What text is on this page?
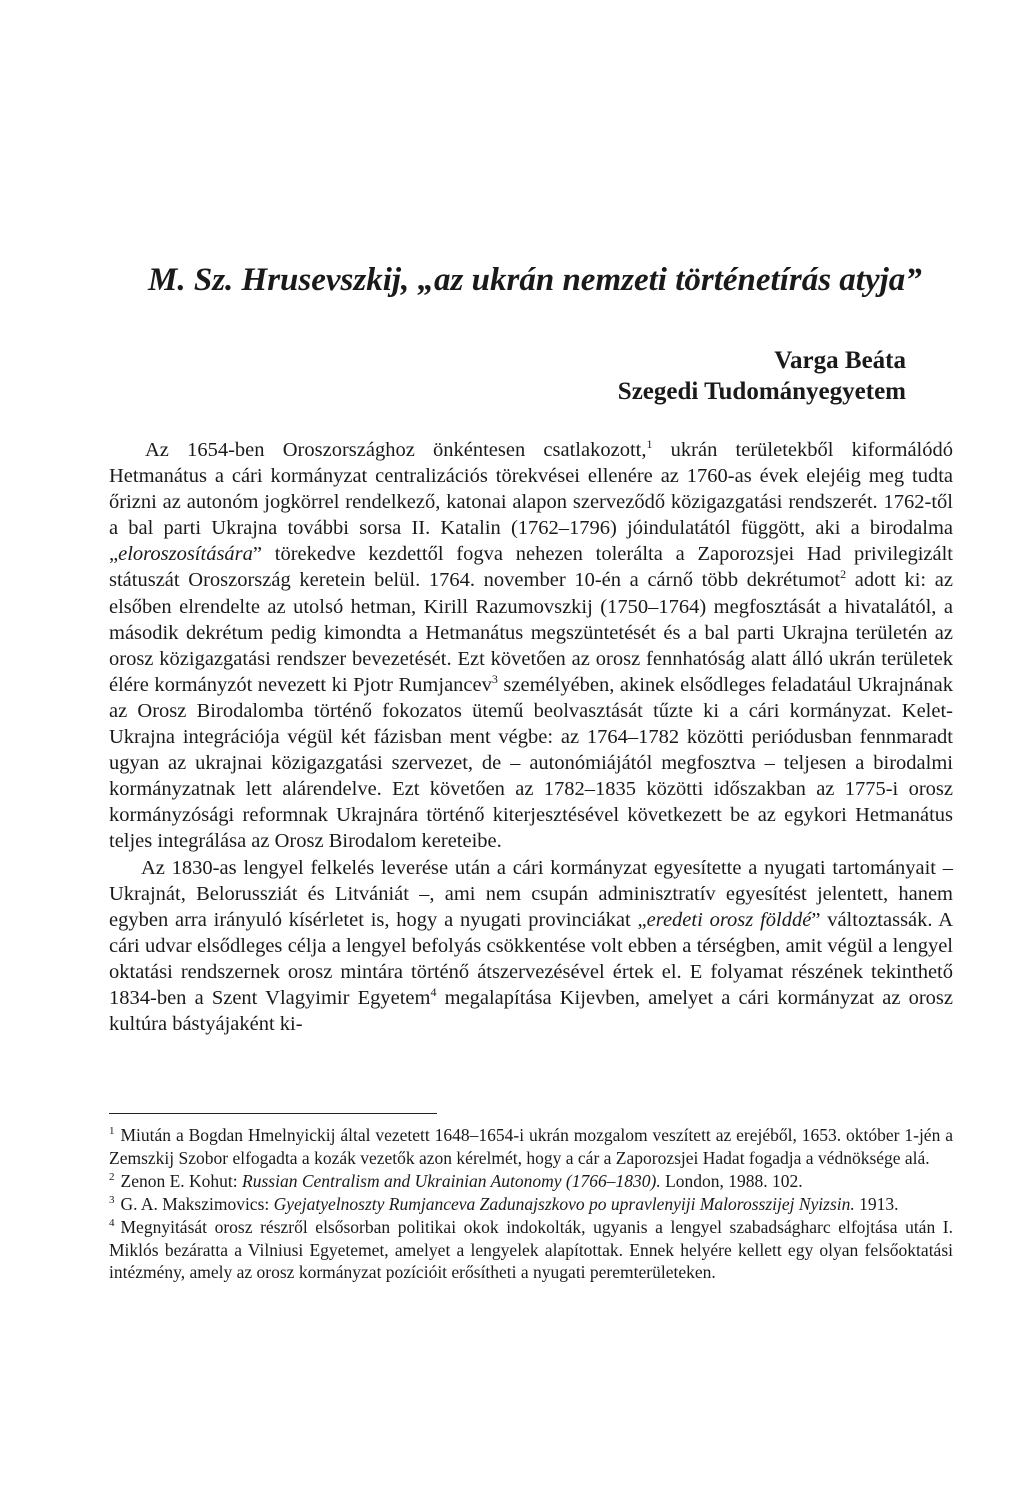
M. Sz. Hrusevszkij, „az ukrán nemzeti történetírás atyja”
Varga Beáta
Szegedi Tudományegyetem

Az 1654-ben Oroszországhoz önkéntesen csatlakozott,$^1$ ukrán területekből kiformálódó Hetmanátus a cári kormányzat centralizációs törekvései ellenére az 1760-as évek elejéig meg tudta őrizni az autonóm jogkörrel rendelkező, katonai alapon szerveződő közigazgatási rendszerét. 1762-től a bal parti Ukrajna további sorsa II. Katalin (1762–1796) jóindulatától függött, aki a birodalma „eloroszosítására” törekedve kezdettől fogva nehezen tolerálta a Zaporozsjei Had privilegizált státuszát Oroszország keretein belül. 1764. november 10-én a cárnő több dekrétumot$^2$ adott ki: az elsőben elrendelte az utolsó hetman, Kirill Razumovszkij (1750–1764) megfosztását a hivatalától, a második dekrétum pedig kimondta a Hetmanátus megszüntetését és a bal parti Ukrajna területén az orosz közigazgatási rendszer bevezetését. Ezt követően az orosz fennhatóság alatt álló ukrán területek élére kormányzót nevezett ki Pjotr Rumjancev$^3$ személyében, akinek elsődleges feladatául Ukrajnának az Orosz Birodalomba történő fokozatos ütemű beolvasztását tűzte ki a cári kormányzat. Kelet-Ukrajna integrációja végül két fázisban ment végbe: az 1764–1782 közötti periódusban fennmaradt ugyan az ukrajnai közigazgatási szervezet, de – autonómiájától megfosztva – teljesen a birodalmi kormányzatnak lett alárendelve. Ezt követően az 1782–1835 közötti időszakban az 1775-i orosz kormányzósági reformnak Ukrajnára történő kiterjesztésével következett be az egykori Hetmanátus teljes integrálása az Orosz Birodalom kereteibe.

Az 1830-as lengyel felkelés leverése után a cári kormányzat egyesítette a nyugati tartományait – Ukrajnát, Belorussziát és Litvániát –, ami nem csupán adminisztratív egyesítést jelentett, hanem egyben arra irányuló kísérletet is, hogy a nyugati provinciákat „eredeti orosz földdé” változtassák. A cári udvar elsődleges célja a lengyel befolyás csökkentése volt ebben a térségben, amit végül a lengyel oktatási rendszernek orosz mintára történő átszervezésével értek el. E folyamat részének tekinthető 1834-ben a Szent Vlagyimir Egyetem$^4$ megalapítása Kijevben, amelyet a cári kormányzat az orosz kultúra bástyájaként ki-

$^1$ Miután a Bogdan Hmelnyickij által vezetett 1648–1654-i ukrán mozgalom veszített az erejéből, 1653. október 1-jén a Zemszkij Szobor elfogadta a kozák vezetők azon kérelmét, hogy a cár a Zaporozsjei Hadat fogadja a védnöksége alá.

$^2$ Zenon E. Kohut: Russian Centralism and Ukrainian Autonomy (1766–1830). London, 1988. 102.

$^3$ G. A. Makszimovics: Gyejatyelnoszty Rumjanceva Zadunajszkovo po upravlenyiji Malorosszijej Nyizsin. 1913.

$^4$ Megnyitását orosz részről elsősorban politikai okok indokolták, ugyanis a lengyel szabadságharc elfojtása után I. Miklós bezáratta a Vilniusi Egyetemet, amelyet a lengyelek alapítottak. Ennek helyére kellett egy olyan felsőoktatási intézmény, amely az orosz kormányzat pozícióit erősítheti a nyugati peremterületeken.
